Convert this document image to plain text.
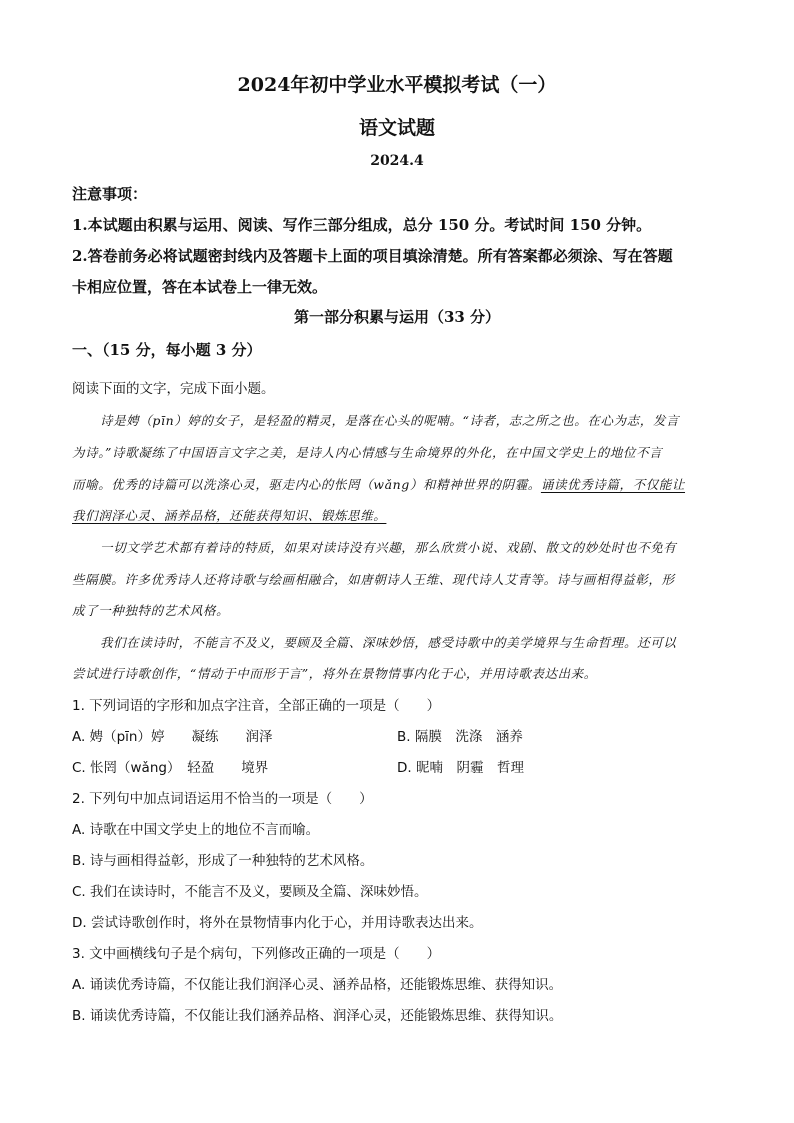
2024年初中学业水平模拟考试（一）
语文试题
2024.4
注意事项：
1.本试题由积累与运用、阅读、写作三部分组成，总分 150 分。考试时间 150 分钟。
2.答卷前务必将试题密封线内及答题卡上面的项目填涂清楚。所有答案都必须涂、写在答题
卡相应位置，答在本试卷上一律无效。
第一部分积累与运用（33 分）
一、（15 分，每小题 3 分）
阅读下面的文字，完成下面小题。
诗是娉（pīn）婷的女子，是轻盈的精灵，是落在心头的呢喃。“诗者，志之所之也。在心为志，发言
为诗。”诗歌凝练了中国语言文字之美，是诗人内心情感与生命境界的外化，在中国文学史上的地位不言
而喻。优秀的诗篇可以洗涤心灵，驱走内心的怅罔（wǎng）和精神世界的阴霾。诵读优秀诗篇，不仅能让
我们润泽心灵、涵养品格，还能获得知识、锻炼思维。
一切文学艺术都有着诗的特质，如果对读诗没有兴趣，那么欣赏小说、戏剧、散文的妙处时也不免有
些隔膜。许多优秀诗人还将诗歌与绘画相融合，如唐朝诗人王维、现代诗人艾青等。诗与画相得益彰，形
成了一种独特的艺术风格。
我们在读诗时，不能言不及义，要顾及全篇、深味妙悟，感受诗歌中的美学境界与生命哲理。还可以
尝试进行诗歌创作，“情动于中而形于言”，将外在景物情事内化于心，并用诗歌表达出来。
1. 下列词语的字形和加点字注音，全部正确的一项是（　　）
A. 娉（pīn）婷　　凝练　　润泽	B. 隔膜　洗涤　涵养
C. 怅罔（wǎng）　轻盈　　境界	D. 昵喃　阴霾　哲理
2. 下列句中加点词语运用不恰当的一项是（　　）
A. 诗歌在中国文学史上的地位不言而喻。
B. 诗与画相得益彰，形成了一种独特的艺术风格。
C. 我们在读诗时，不能言不及义，要顾及全篇、深味妙悟。
D. 尝试诗歌创作时，将外在景物情事内化于心，并用诗歌表达出来。
3. 文中画横线句子是个病句，下列修改正确的一项是（　　）
A. 诵读优秀诗篇，不仅能让我们润泽心灵、涵养品格，还能锻炼思维、获得知识。
B. 诵读优秀诗篇，不仅能让我们涵养品格、润泽心灵，还能锻炼思维、获得知识。
